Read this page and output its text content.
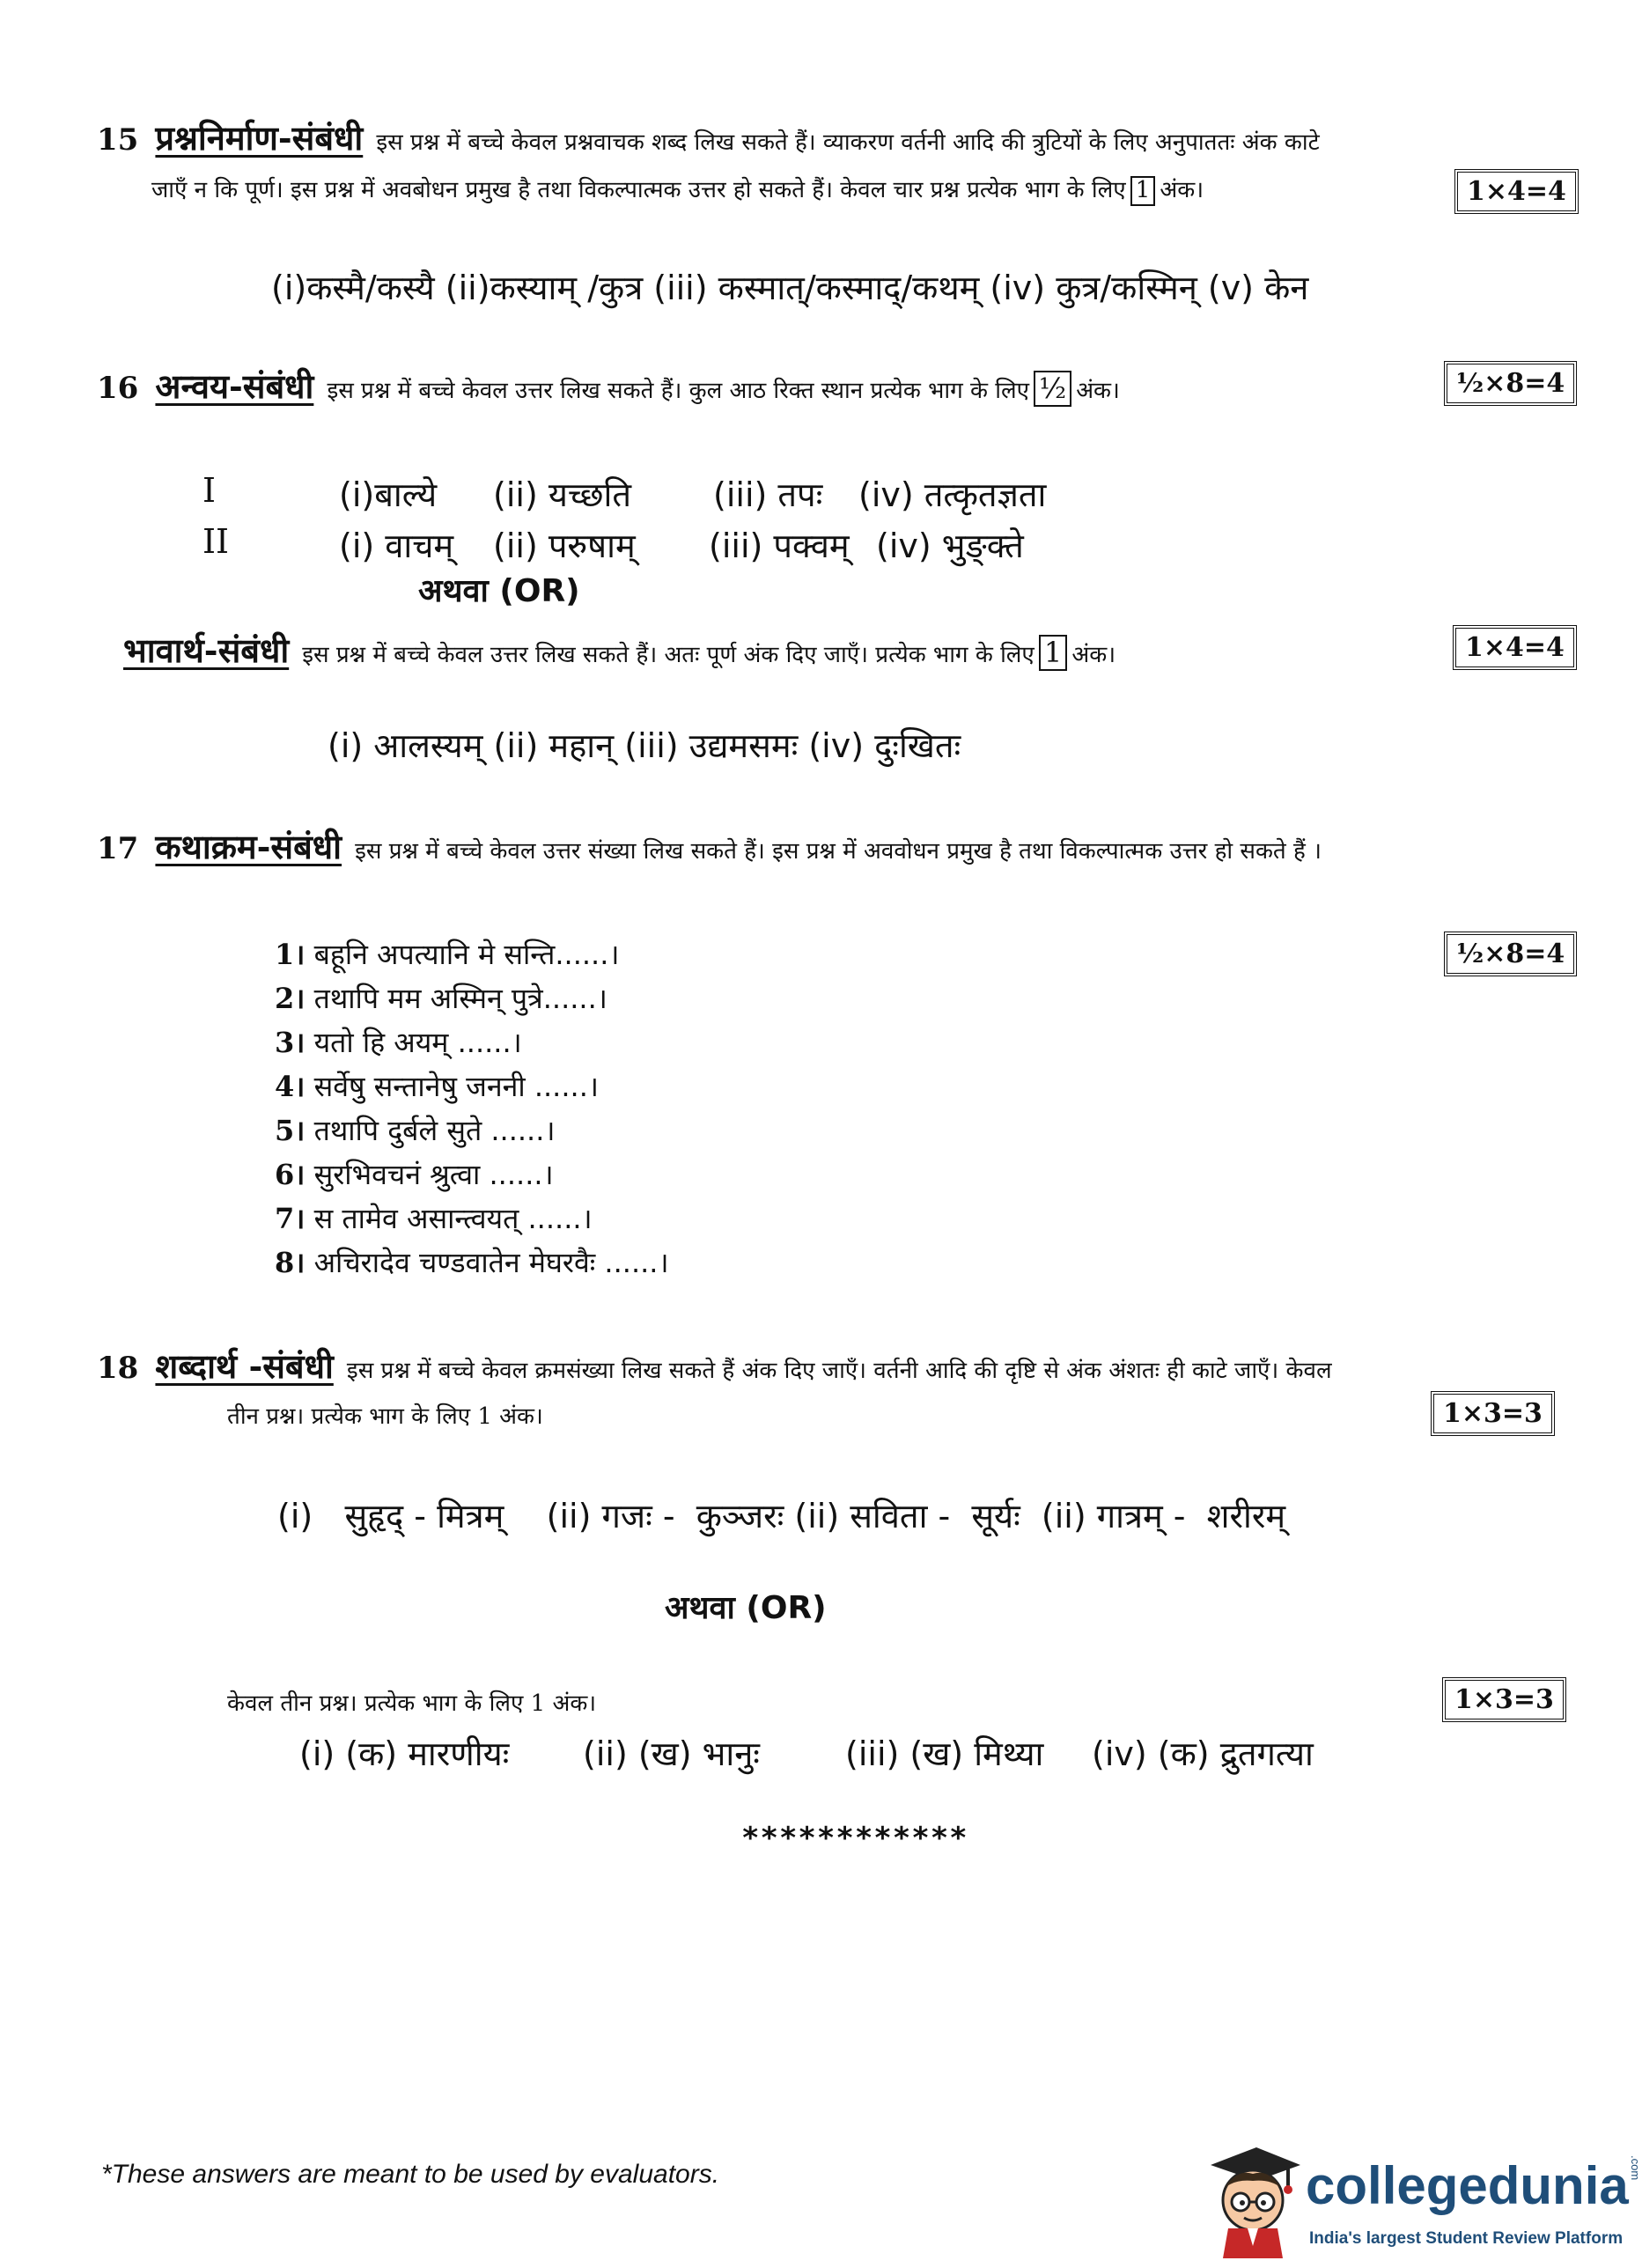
15 प्रश्ननिर्माण-संबंधी इस प्रश्न में बच्चे केवल प्रश्नवाचक शब्द लिख सकते हैं। व्याकरण वर्तनी आदि की त्रुटियों के लिए अनुपाततः अंक काटे
जाएँ न कि पूर्ण। इस प्रश्न में अवबोधन प्रमुख है तथा विकल्पात्मक उत्तर हो सकते हैं। केवल चार प्रश्न प्रत्येक भाग के लिए 1 अंक।	1×4=4
(i)कस्मै/कस्यै (ii)कस्याम् /कुत्र (iii) कस्मात्/कस्माद्/कथम् (iv) कुत्र/कस्मिन् (v) केन
16 अन्वय-संबंधी इस प्रश्न में बच्चे केवल उत्तर लिख सकते हैं। कुल आठ रिक्त स्थान प्रत्येक भाग के लिए ½ अंक।	½×8=4
I	(i)बाल्ये (ii) यच्छति (iii) तपः (iv) तत्कृतज्ञता
II	(i) वाचम् (ii) परुषाम् (iii) पक्वम् (iv) भुङ्क्ते
अथवा (OR)
भावार्थ-संबंधी इस प्रश्न में बच्चे केवल उत्तर लिख सकते हैं। अतः पूर्ण अंक दिए जाएँ। प्रत्येक भाग के लिए 1 अंक।	1×4=4
(i) आलस्यम् (ii) महान् (iii) उद्यमसमः (iv) दुःखितः
17 कथाक्रम-संबंधी इस प्रश्न में बच्चे केवल उत्तर संख्या लिख सकते हैं। इस प्रश्न में अववोधन प्रमुख है तथा विकल्पात्मक उत्तर हो सकते हैं ।
½×8=4
1। बहूनि अपत्यानि मे सन्ति......।
2। तथापि मम अस्मिन् पुत्रे......।
3। यतो हि अयम् ......।
4। सर्वेषु सन्तानेषु जननी ......।
5। तथापि दुर्बले सुते ......।
6। सुरभिवचनं श्रुत्वा ......।
7। स तामेव असान्त्वयत् ......।
8। अचिरादेव चण्डवातेन मेघरवैः ......।
18 शब्दार्थ -संबंधी इस प्रश्न में बच्चे केवल क्रमसंख्या लिख सकते हैं अंक दिए जाएँ। वर्तनी आदि की दृष्टि से अंक अंशतः ही काटे जाएँ। केवल
तीन प्रश्न। प्रत्येक भाग के लिए 1 अंक।	1×3=3
(i)   सुहृद् - मित्रम्    (ii) गजः -  कुञ्जरः (ii) सविता -  सूर्यः  (ii) गात्रम् -  शरीरम्
अथवा (OR)
केवल तीन प्रश्न। प्रत्येक भाग के लिए 1 अंक।	1×3=3
(i) (क) मारणीयः (ii) (ख) भानुः	(iii) (ख) मिथ्या (iv) (क) द्रुतगत्या
************
*These answers are meant to be used by evaluators.	collegedunia.com
India's largest Student Review Platform
